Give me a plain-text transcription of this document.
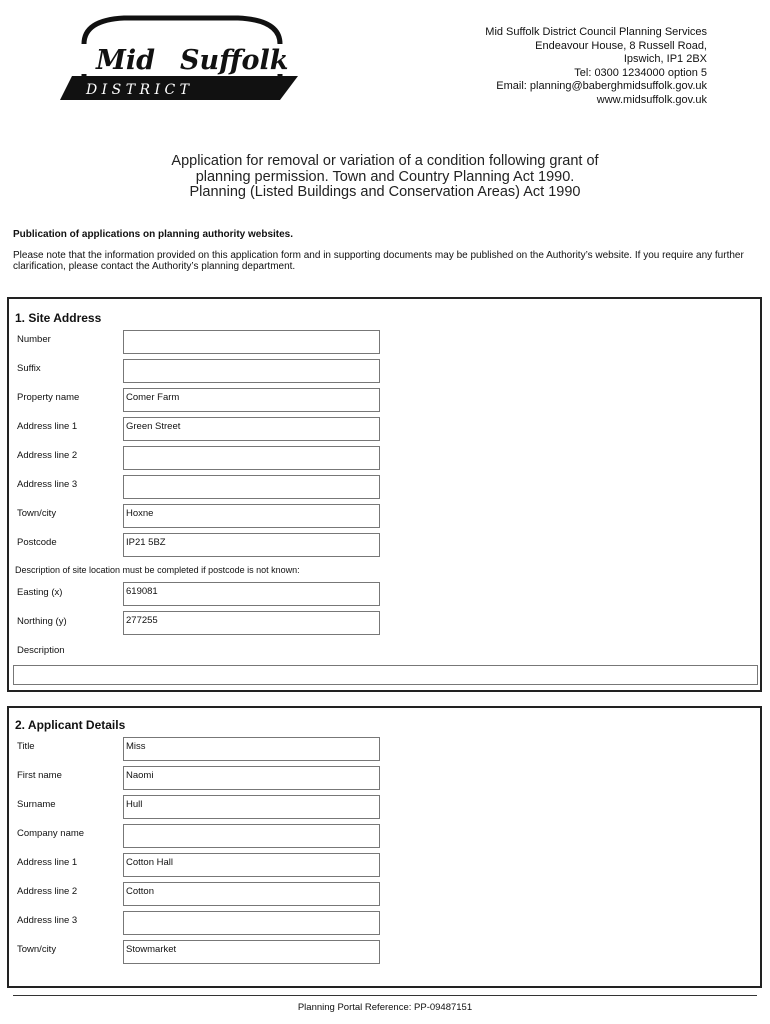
Mid Suffolk
D I S T R I C T
Mid Suffolk District Council Planning Services
Endeavour House, 8 Russell Road,
Ipswich, IP1 2BX
Tel: 0300 1234000 option 5
Email: planning@baberghmidsuffolk.gov.uk
www.midsuffolk.gov.uk
Application for removal or variation of a condition following grant of
planning permission. Town and Country Planning Act 1990.
Planning (Listed Buildings and Conservation Areas) Act 1990
Publication of applications on planning authority websites.
Please note that the information provided on this application form and in supporting documents may be published on the Authority’s website. If you require any further clarification, please contact the Authority’s planning department.
1. Site Address
Number
Suffix
Property name	Comer Farm
Address line 1	Green Street
Address line 2
Address line 3
Town/city	Hoxne
Postcode	IP21 5BZ
Description of site location must be completed if postcode is not known:
Easting (x)	619081
Northing (y)	277255
Description
2. Applicant Details
Title	Miss
First name	Naomi
Surname	Hull
Company name
Address line 1	Cotton Hall
Address line 2	Cotton
Address line 3
Town/city	Stowmarket
Planning Portal Reference: PP-09487151
